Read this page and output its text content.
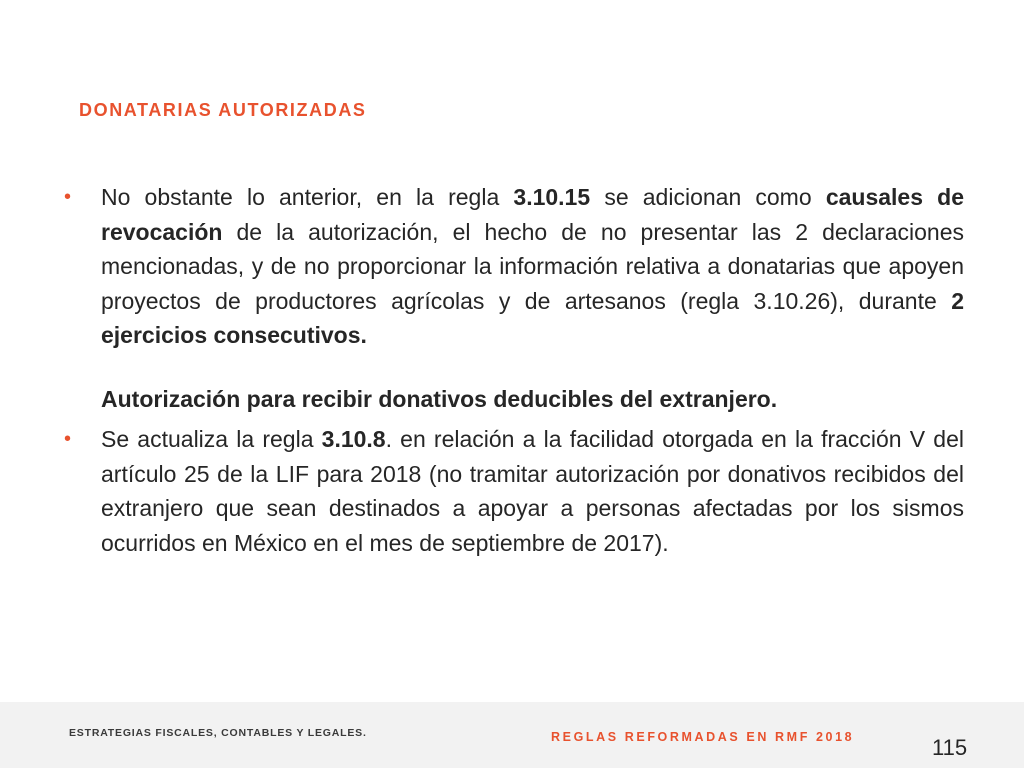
DONATARIAS AUTORIZADAS

• No obstante lo anterior, en la regla 3.10.15 se adicionan como causales de revocación de la autorización, el hecho de no presentar las 2 declaraciones mencionadas, y de no proporcionar la información relativa a donatarias que apoyen proyectos de productores agrícolas y de artesanos (regla 3.10.26), durante 2 ejercicios consecutivos.

Autorización para recibir donativos deducibles del extranjero.

• Se actualiza la regla 3.10.8. en relación a la facilidad otorgada en la fracción V del artículo 25 de la LIF para 2018 (no tramitar autorización por donativos recibidos del extranjero que sean destinados a apoyar a personas afectadas por los sismos ocurridos en México en el mes de septiembre de 2017).

ESTRATEGIAS FISCALES, CONTABLES Y LEGALES.	REGLAS REFORMADAS EN RMF 2018	115
